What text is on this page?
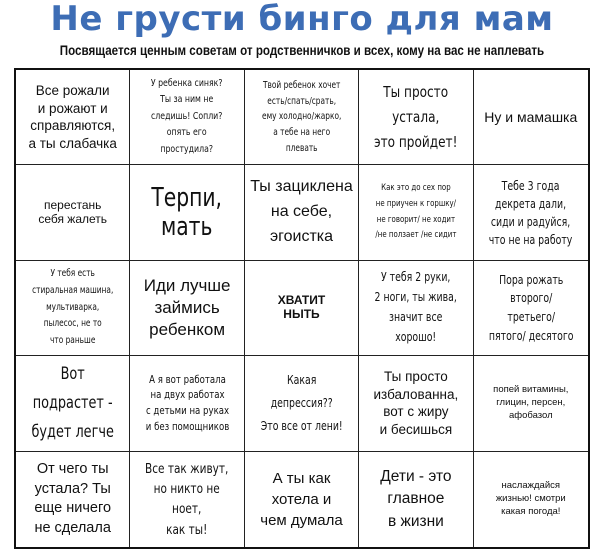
Не грусти бинго для мам
Посвящается ценным советам от родственничков и всех, кому на вас не наплевать
Все рожали
и рожают и
справляются,
а ты слабачка
У ребенка синяк?
Ты за ним не
следишь! Сопли?
опять его простудила?
Твой ребенок хочет
есть/спать/срать,
ему холодно/жарко,
а тебе на него плевать
Ты просто устала,
это пройдет!
Ну и мамашка
перестань
себя жалеть
Терпи, мать
Ты зациклена
на себе,
эгоистка
Как это до сех пор
не приучен к горшку/
не говорит/ не ходит
/не ползает /не сидит
Тебе 3 года
декрета дали,
сиди и радуйся,
что не на работу
У тебя есть
стиральная машина,
мультиварка, пылесос, не то
что раньше
Иди лучше
займись
ребенком
ХВАТИТ
НЫТЬ
У тебя 2 руки,
2 ноги, ты жива,
значит все хорошо!
Пора рожать
второго/ третьего/
пятого/ десятого
Вот подрастет -
будет легче
А я вот работала
на двух работах
с детьми на руках
и без помощников
Какая депрессия??
Это все от лени!
Ты просто
избалованна,
вот с жиру
и бесишься
попей витамины,
глицин, персен,
афобазол
От чего ты
устала? Ты
еще ничего
не сделала
Все так живут,
но никто не ноет,
как ты!
А ты как
хотела и
чем думала
Дети - это
главное
в жизни
наслаждайся
жизнью! смотри
какая погода!
